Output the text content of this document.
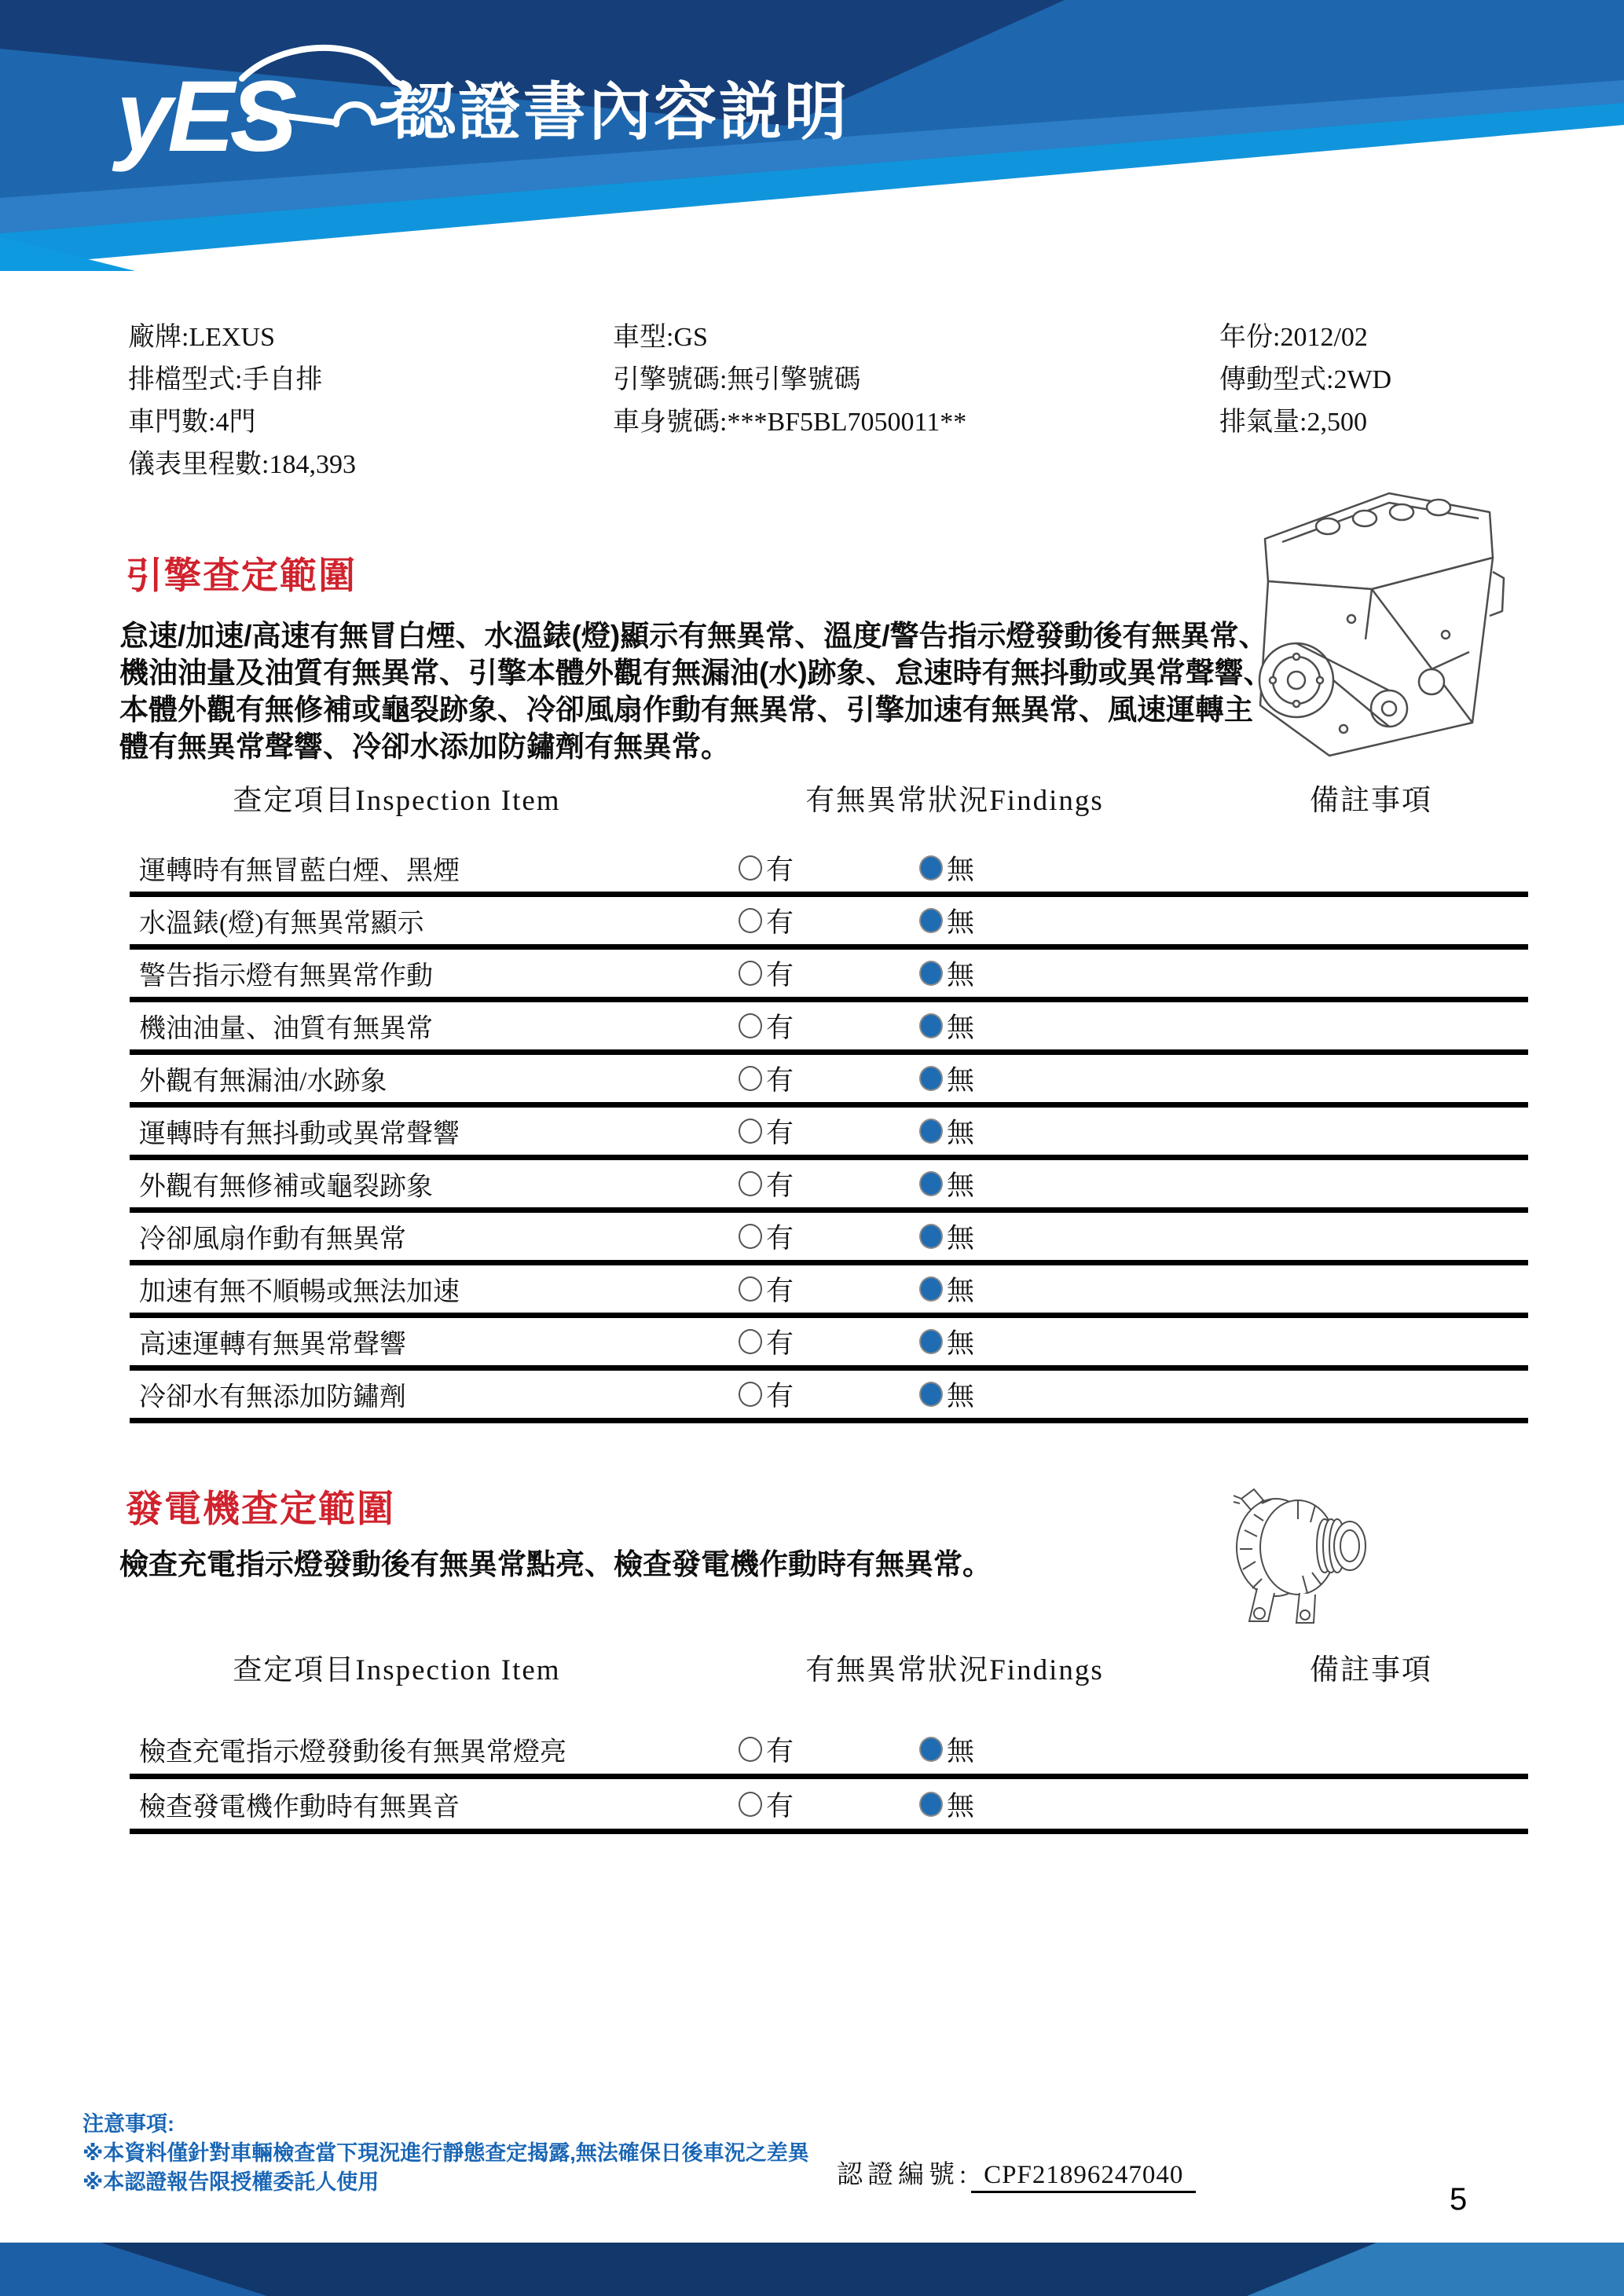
yES 認證書內容説明
廠牌:LEXUS
排檔型式:手自排
車門數:4門
儀表里程數:184,393
車型:GS
引擎號碼:無引擎號碼
車身號碼:***BF5BL7050011**
年份:2012/02
傳動型式:2WD
排氣量:2,500
引擎查定範圍
怠速/加速/高速有無冒白煙、水溫錶(燈)顯示有無異常、溫度/警告指示燈發動後有無異常、機油油量及油質有無異常、引擎本體外觀有無漏油(水)跡象、怠速時有無抖動或異常聲響、本體外觀有無修補或龜裂跡象、冷卻風扇作動有無異常、引擎加速有無異常、風速運轉主體有無異常聲響、冷卻水添加防鏽劑有無異常。
查定項目Inspection Item	有無異常狀況Findings	備註事項
運轉時有無冒藍白煙、黑煙	有	無
水溫錶(燈)有無異常顯示	有	無
警告指示燈有無異常作動	有	無
機油油量、油質有無異常	有	無
外觀有無漏油/水跡象	有	無
運轉時有無抖動或異常聲響	有	無
外觀有無修補或龜裂跡象	有	無
冷卻風扇作動有無異常	有	無
加速有無不順暢或無法加速	有	無
高速運轉有無異常聲響	有	無
冷卻水有無添加防鏽劑	有	無
發電機查定範圍
檢查充電指示燈發動後有無異常點亮、檢查發電機作動時有無異常。
查定項目Inspection Item	有無異常狀況Findings	備註事項
檢查充電指示燈發動後有無異常燈亮	有	無
檢查發電機作動時有無異音	有	無
注意事項:
※本資料僅針對車輛檢查當下現況進行靜態查定揭露,無法確保日後車況之差異
※本認證報告限授權委託人使用	認證編號: CPF21896247040
5
